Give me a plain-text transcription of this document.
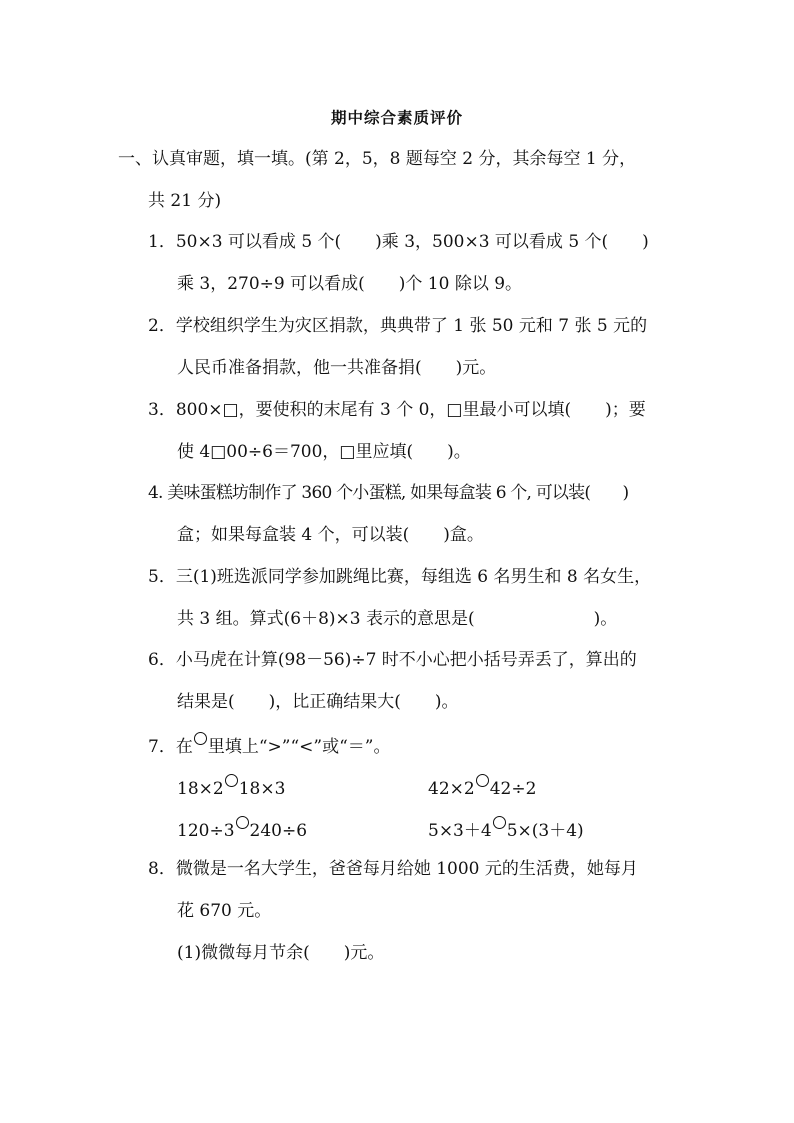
期中综合素质评价
一、认真审题，填一填。(第 2，5，8 题每空 2 分，其余每空 1 分，
共 21 分)
1．50×3 可以看成 5 个(　　)乘 3，500×3 可以看成 5 个(　　)
乘 3，270÷9 可以看成(　　)个 10 除以 9。
2．学校组织学生为灾区捐款，典典带了 1 张 50 元和 7 张 5 元的
人民币准备捐款，他一共准备捐(　　)元。
3．800×□，要使积的末尾有 3 个 0，□里最小可以填(　　)；要
使 4□00÷6＝700，□里应填(　　)。
4. 美味蛋糕坊制作了 360 个小蛋糕, 如果每盒装 6 个, 可以装(　　)
盒；如果每盒装 4 个，可以装(　　)盒。
5．三(1)班选派同学参加跳绳比赛，每组选 6 名男生和 8 名女生，
共 3 组。算式(6＋8)×3 表示的意思是(　　　　　　　)。
6．小马虎在计算(98－56)÷7 时不小心把小括号弄丢了，算出的
结果是(　　)，比正确结果大(　　)。
7．在 里填上“>”“<”或“＝”。
18×2 18×3	42×2 42÷2
120÷3 240÷6	5×3＋4 5×(3＋4)
8．微微是一名大学生，爸爸每月给她 1000 元的生活费，她每月
花 670 元。
(1)微微每月节余(　　)元。
